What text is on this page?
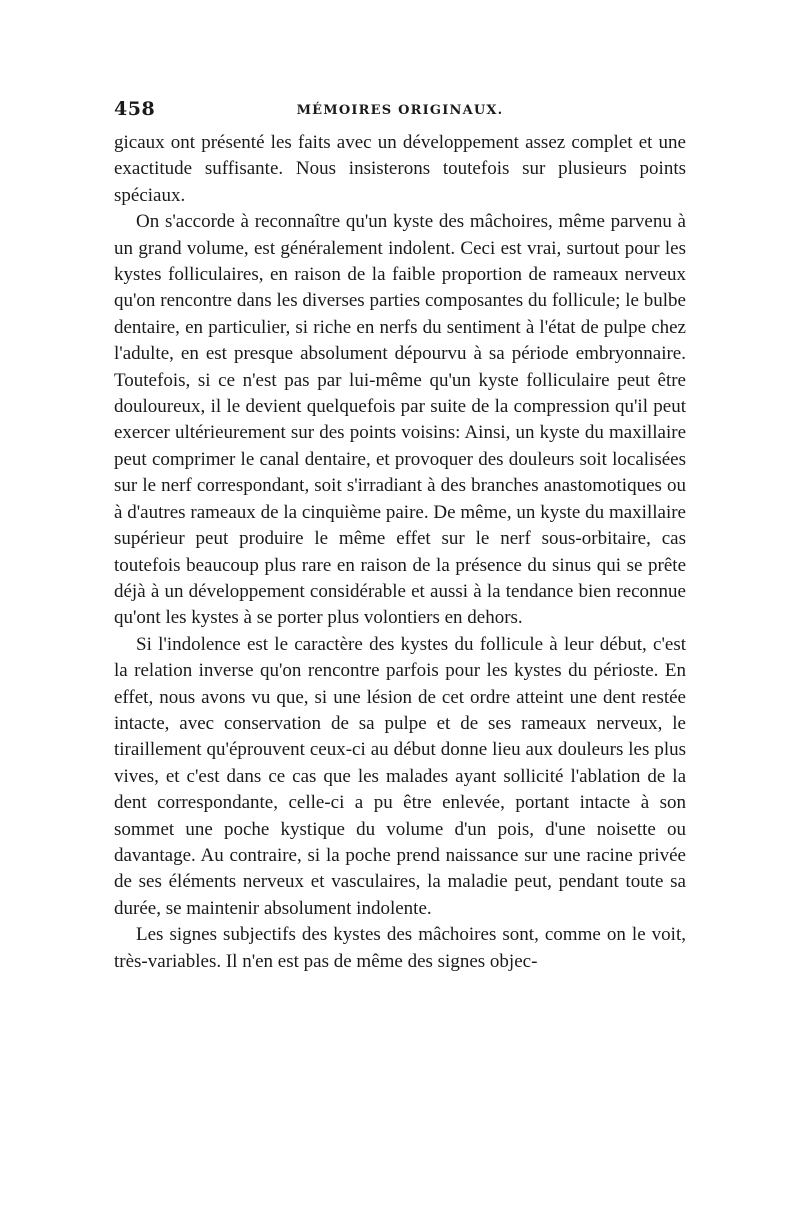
458	MÉMOIRES ORIGINAUX.

gicaux ont présenté les faits avec un développement assez complet et une exactitude suffisante. Nous insisterons toutefois sur plusieurs points spéciaux.

On s'accorde à reconnaître qu'un kyste des mâchoires, même parvenu à un grand volume, est généralement indolent. Ceci est vrai, surtout pour les kystes folliculaires, en raison de la faible proportion de rameaux nerveux qu'on rencontre dans les diverses parties composantes du follicule; le bulbe dentaire, en particulier, si riche en nerfs du sentiment à l'état de pulpe chez l'adulte, en est presque absolument dépourvu à sa période embryonnaire. Toutefois, si ce n'est pas par lui-même qu'un kyste folliculaire peut être douloureux, il le devient quelquefois par suite de la compression qu'il peut exercer ultérieurement sur des points voisins: Ainsi, un kyste du maxillaire peut comprimer le canal dentaire, et provoquer des douleurs soit localisées sur le nerf correspondant, soit s'irradiant à des branches anastomotiques ou à d'autres rameaux de la cinquième paire. De même, un kyste du maxillaire supérieur peut produire le même effet sur le nerf sous-orbitaire, cas toutefois beaucoup plus rare en raison de la présence du sinus qui se prête déjà à un développement considérable et aussi à la tendance bien reconnue qu'ont les kystes à se porter plus volontiers en dehors.

Si l'indolence est le caractère des kystes du follicule à leur début, c'est la relation inverse qu'on rencontre parfois pour les kystes du périoste. En effet, nous avons vu que, si une lésion de cet ordre atteint une dent restée intacte, avec conservation de sa pulpe et de ses rameaux nerveux, le tiraillement qu'éprouvent ceux-ci au début donne lieu aux douleurs les plus vives, et c'est dans ce cas que les malades ayant sollicité l'ablation de la dent correspondante, celle-ci a pu être enlevée, portant intacte à son sommet une poche kystique du volume d'un pois, d'une noisette ou davantage. Au contraire, si la poche prend naissance sur une racine privée de ses éléments nerveux et vasculaires, la maladie peut, pendant toute sa durée, se maintenir absolument indolente.

Les signes subjectifs des kystes des mâchoires sont, comme on le voit, très-variables. Il n'en est pas de même des signes objec-
